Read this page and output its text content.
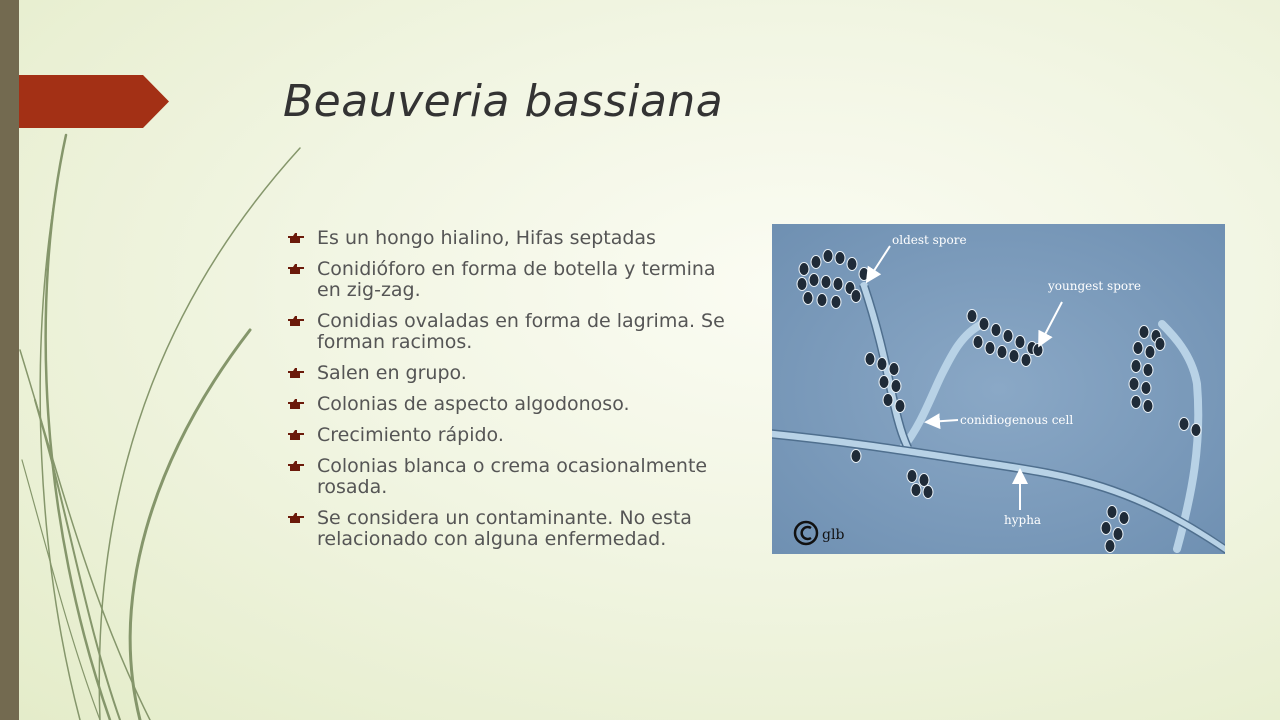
Beauveria bassiana
Es un hongo hialino, Hifas septadas
Conidióforo en forma de botella y termina en zig-zag.
Conidias ovaladas en forma de lagrima. Se forman racimos.
Salen en grupo.
Colonias de aspecto algodonoso.
Crecimiento rápido.
Colonias blanca o crema ocasionalmente rosada.
Se considera un contaminante. No esta relacionado con alguna enfermedad.
oldest spore
youngest spore
conidiogenous cell
hypha
glb
